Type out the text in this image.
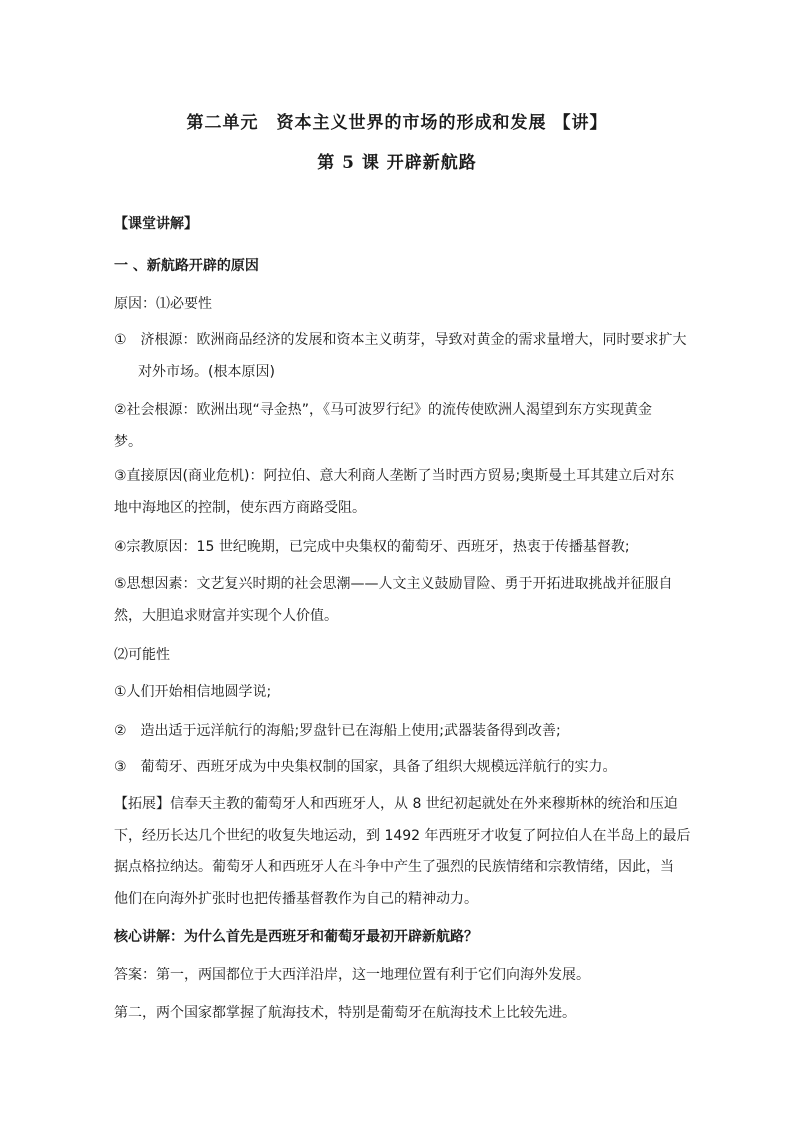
第二单元　资本主义世界的市场的形成和发展 【讲】
第 5 课 开辟新航路
【课堂讲解】
一 、新航路开辟的原因
原因：⑴必要性
①　济根源：欧洲商品经济的发展和资本主义萌芽，导致对黄金的需求量增大，同时要求扩大
对外市场。(根本原因)
②社会根源：欧洲出现“寻金热”，《马可波罗行纪》的流传使欧洲人渴望到东方实现黄金
梦。
③直接原因(商业危机)：阿拉伯、意大利商人垄断了当时西方贸易;奥斯曼土耳其建立后对东
地中海地区的控制，使东西方商路受阻。
④宗教原因：15 世纪晚期，已完成中央集权的葡萄牙、西班牙，热衷于传播基督教;
⑤思想因素：文艺复兴时期的社会思潮——人文主义鼓励冒险、勇于开拓进取挑战并征服自
然，大胆追求财富并实现个人价值。
⑵可能性
①人们开始相信地圆学说;
②　造出适于远洋航行的海船;罗盘针已在海船上使用;武器装备得到改善;
③　葡萄牙、西班牙成为中央集权制的国家，具备了组织大规模远洋航行的实力。
【拓展】信奉天主教的葡萄牙人和西班牙人，从 8 世纪初起就处在外来穆斯林的统治和压迫
下，经历长达几个世纪的收复失地运动，到 1492 年西班牙才收复了阿拉伯人在半岛上的最后
据点格拉纳达。葡萄牙人和西班牙人在斗争中产生了强烈的民族情绪和宗教情绪，因此，当
他们在向海外扩张时也把传播基督教作为自己的精神动力。
核心讲解：为什么首先是西班牙和葡萄牙最初开辟新航路？
答案：第一，两国都位于大西洋沿岸，这一地理位置有利于它们向海外发展。
第二，两个国家都掌握了航海技术，特别是葡萄牙在航海技术上比较先进。
